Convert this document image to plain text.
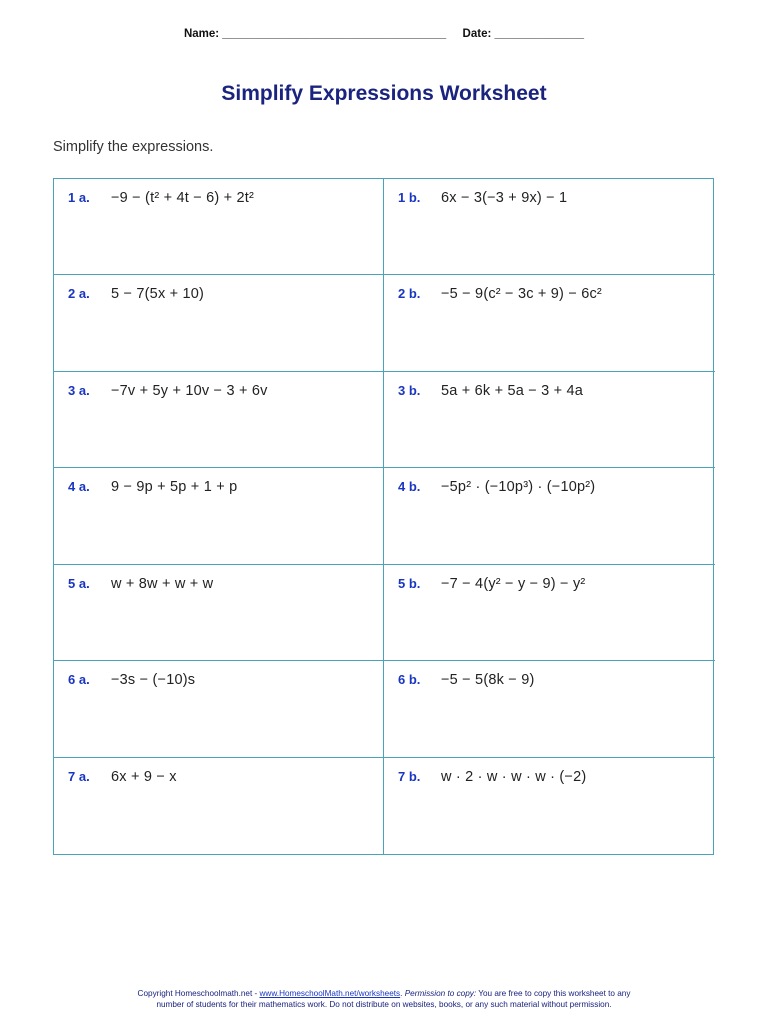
Name: ___________________________________ Date: ______________
Simplify Expressions Worksheet
Simplify the expressions.
1 a. −9 − (t² + 4t − 6) + 2t²	1 b. 6x − 3(−3 + 9x) − 1
2 a. 5 − 7(5x + 10)	2 b. −5 − 9(c² − 3c + 9) − 6c²
3 a. −7v + 5y + 10v − 3 + 6v	3 b. 5a + 6k + 5a − 3 + 4a
4 a. 9 − 9p + 5p + 1 + p	4 b. −5p² · (−10p³) · (−10p²)
5 a. w + 8w + w + w	5 b. −7 − 4(y² − y − 9) − y²
6 a. −3s − (−10)s	6 b. −5 − 5(8k − 9)
7 a. 6x + 9 − x	7 b. w · 2 · w · w · w · (−2)
Copyright Homeschoolmath.net - www.HomeschoolMath.net/worksheets. Permission to copy: You are free to copy this worksheet to any
number of students for their mathematics work. Do not distribute on websites, books, or any such material without permission.
